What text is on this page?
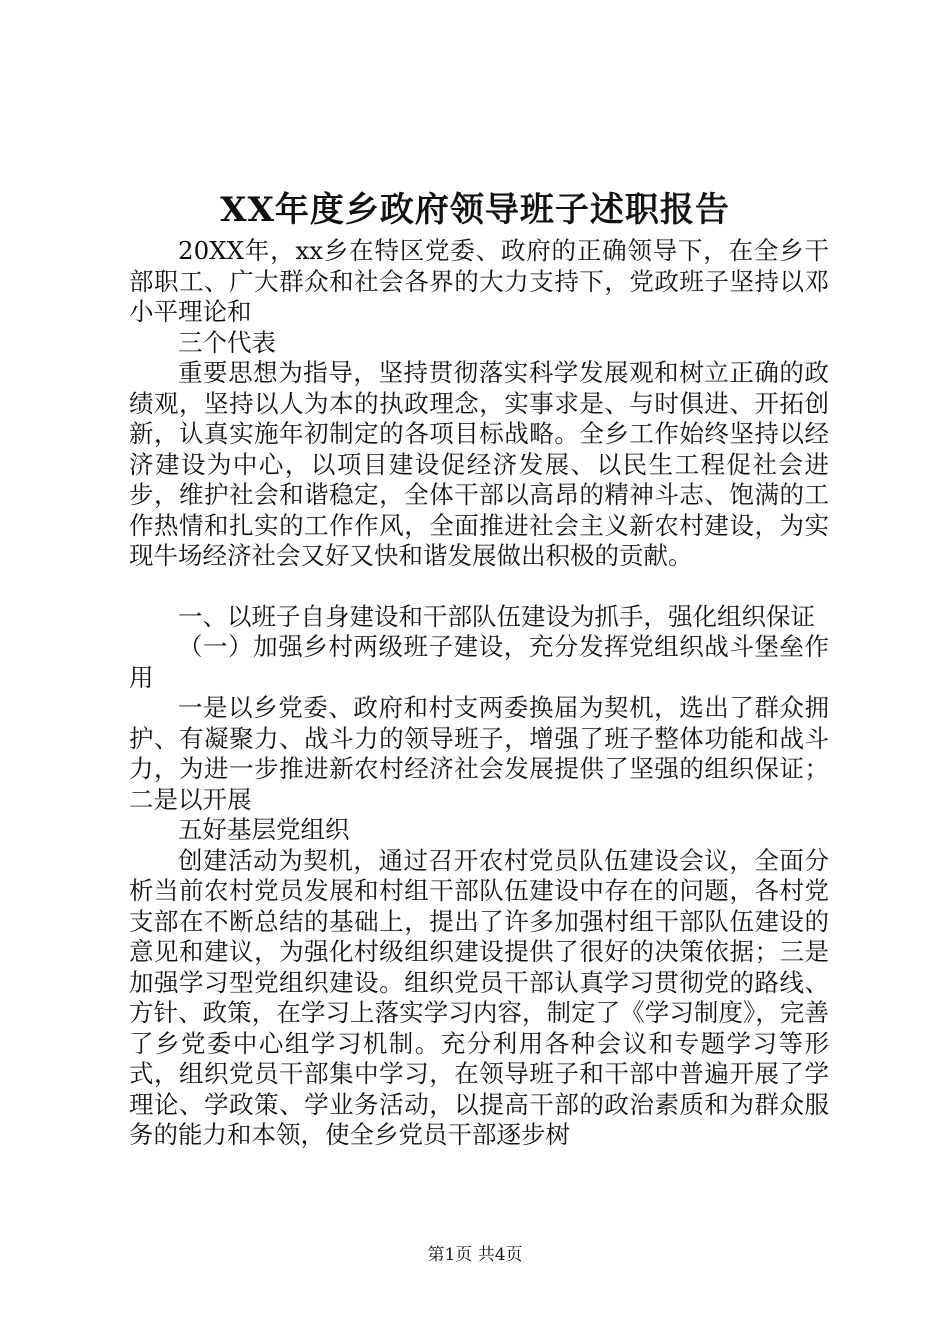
XX年度乡政府领导班子述职报告

20XX年，xx乡在特区党委、政府的正确领导下，在全乡干部职工、广大群众和社会各界的大力支持下，党政班子坚持以邓小平理论和

三个代表

重要思想为指导，坚持贯彻落实科学发展观和树立正确的政绩观，坚持以人为本的执政理念，实事求是、与时俱进、开拓创新，认真实施年初制定的各项目标战略。全乡工作始终坚持以经济建设为中心，以项目建设促经济发展、以民生工程促社会进步，维护社会和谐稳定，全体干部以高昂的精神斗志、饱满的工作热情和扎实的工作作风，全面推进社会主义新农村建设，为实现牛场经济社会又好又快和谐发展做出积极的贡献。

一、以班子自身建设和干部队伍建设为抓手，强化组织保证

（一）加强乡村两级班子建设，充分发挥党组织战斗堡垒作用

一是以乡党委、政府和村支两委换届为契机，选出了群众拥护、有凝聚力、战斗力的领导班子，增强了班子整体功能和战斗力，为进一步推进新农村经济社会发展提供了坚强的组织保证；二是以开展

五好基层党组织

创建活动为契机，通过召开农村党员队伍建设会议，全面分析当前农村党员发展和村组干部队伍建设中存在的问题，各村党支部在不断总结的基础上，提出了许多加强村组干部队伍建设的意见和建议，为强化村级组织建设提供了很好的决策依据；三是加强学习型党组织建设。组织党员干部认真学习贯彻党的路线、方针、政策，在学习上落实学习内容，制定了《学习制度》，完善了乡党委中心组学习机制。充分利用各种会议和专题学习等形式，组织党员干部集中学习，在领导班子和干部中普遍开展了学理论、学政策、学业务活动，以提高干部的政治素质和为群众服务的能力和本领，使全乡党员干部逐步树

第1页 共4页
